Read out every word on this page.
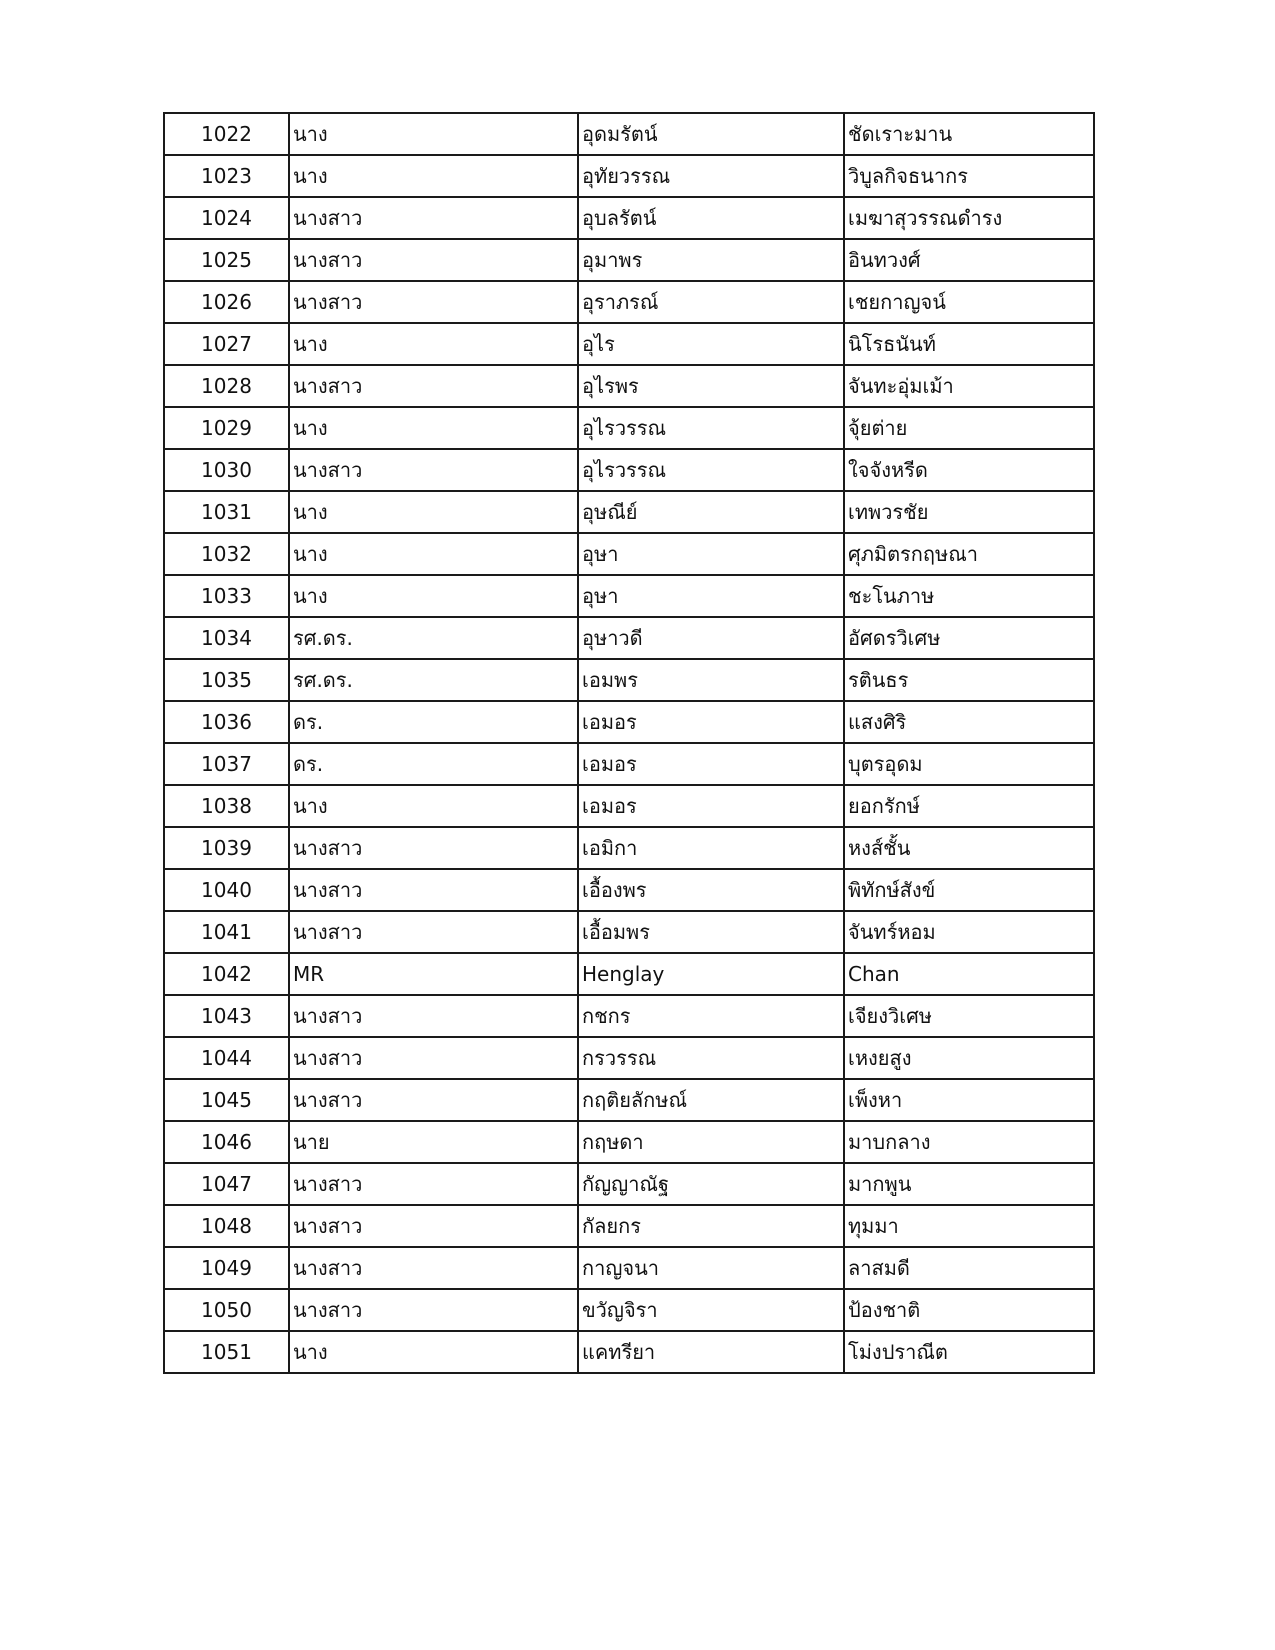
1022	นาง	อุดมรัตน์	ชัดเราะมาน
1023	นาง	อุทัยวรรณ	วิบูลกิจธนากร
1024	นางสาว	อุบลรัตน์	เมฆาสุวรรณดำรง
1025	นางสาว	อุมาพร	อินทวงศ์
1026	นางสาว	อุราภรณ์	เชยกาญจน์
1027	นาง	อุไร	นิโรธนันท์
1028	นางสาว	อุไรพร	จันทะอุ่มเม้า
1029	นาง	อุไรวรรณ	จุ้ยต่าย
1030	นางสาว	อุไรวรรณ	ใจจังหรีด
1031	นาง	อุษณีย์	เทพวรชัย
1032	นาง	อุษา	ศุภมิตรกฤษณา
1033	นาง	อุษา	ชะโนภาษ
1034	รศ.ดร.	อุษาวดี	อัศดรวิเศษ
1035	รศ.ดร.	เอมพร	รตินธร
1036	ดร.	เอมอร	แสงศิริ
1037	ดร.	เอมอร	บุตรอุดม
1038	นาง	เอมอร	ยอกรักษ์
1039	นางสาว	เอมิกา	หงส์ชั้น
1040	นางสาว	เอื้องพร	พิทักษ์สังข์
1041	นางสาว	เอื้อมพร	จันทร์หอม
1042	MR	Henglay	Chan
1043	นางสาว	กชกร	เจียงวิเศษ
1044	นางสาว	กรวรรณ	เหงยสูง
1045	นางสาว	กฤติยลักษณ์	เพ็งหา
1046	นาย	กฤษดา	มาบกลาง
1047	นางสาว	กัญญาณัฐ	มากพูน
1048	นางสาว	กัลยกร	ทุมมา
1049	นางสาว	กาญจนา	ลาสมดี
1050	นางสาว	ขวัญจิรา	ป้องชาติ
1051	นาง	แคทรียา	โม่งปราณีต
